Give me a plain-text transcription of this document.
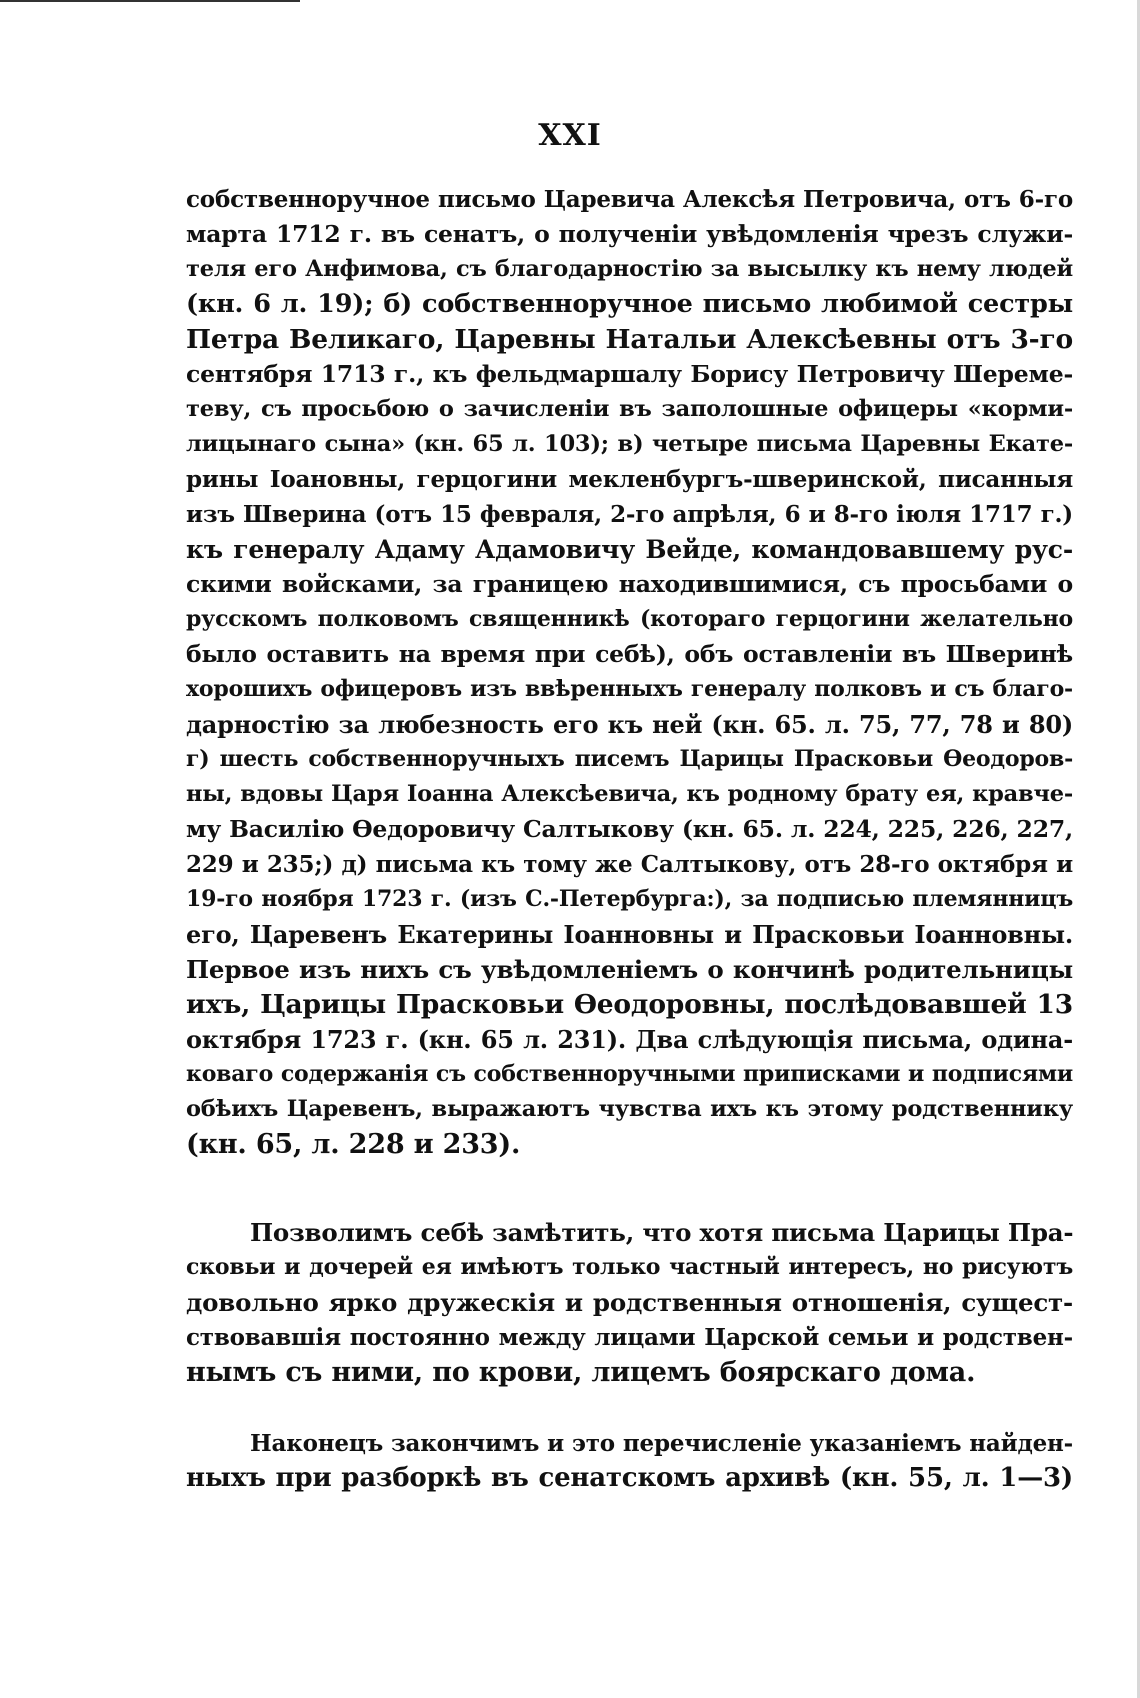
XXI
собственноручное письмо Царевича Алексѣя Петровича, отъ 6-го
марта 1712 г. въ сенатъ, о полученіи увѣдомленія чрезъ служи-
теля его Анфимова, съ благодарностію за высылку къ нему людей
(кн. 6 л. 19); б) собственноручное письмо любимой сестры
Петра Великаго, Царевны Натальи Алексѣевны отъ 3-го
сентября 1713 г., къ фельдмаршалу Борису Петровичу Шереме-
теву, съ просьбою о зачисленіи въ заполошные офицеры «корми-
лицынаго сына» (кн. 65 л. 103); в) четыре письма Царевны Екате-
рины Іоановны, герцогини мекленбургъ-шверинской, писанныя
изъ Шверина (отъ 15 февраля, 2-го апрѣля, 6 и 8-го іюля 1717 г.)
къ генералу Адаму Адамовичу Вейде, командовавшему рус-
скими войсками, за границею находившимися, съ просьбами о
русскомъ полковомъ священникѣ (котораго герцогини желательно
было оставить на время при себѣ), объ оставленіи въ Шверинѣ
хорошихъ офицеровъ изъ ввѣренныхъ генералу полковъ и съ благо-
дарностію за любезность его къ ней (кн. 65. л. 75, 77, 78 и 80)
г) шесть собственноручныхъ писемъ Царицы Прасковьи Ѳеодоров-
ны, вдовы Царя Іоанна Алексѣевича, къ родному брату ея, кравче-
му Василію Ѳедоровичу Салтыкову (кн. 65. л. 224, 225, 226, 227,
229 и 235;) д) письма къ тому же Салтыкову, отъ 28-го октября и
19-го ноября 1723 г. (изъ С.-Петербурга:), за подписью племянницъ
его, Царевенъ Екатерины Іоанновны и Прасковьи Іоанновны.
Первое изъ нихъ съ увѣдомленіемъ о кончинѣ родительницы
ихъ, Царицы Прасковьи Ѳеодоровны, послѣдовавшей 13
октября 1723 г. (кн. 65 л. 231). Два слѣдующія письма, одина-
коваго содержанія съ собственноручными приписками и подписями
обѣихъ Царевенъ, выражаютъ чувства ихъ къ этому родственнику
(кн. 65, л. 228 и 233).
Позволимъ себѣ замѣтить, что хотя письма Царицы Пра-
сковьи и дочерей ея имѣютъ только частный интересъ, но рисуютъ
довольно ярко дружескія и родственныя отношенія, сущест-
ствовавшія постоянно между лицами Царской семьи и родствен-
нымъ съ ними, по крови, лицемъ боярскаго дома.
Наконецъ закончимъ и это перечисленіе указаніемъ найден-
ныхъ при разборкѣ въ сенатскомъ архивѣ (кн. 55, л. 1—3)
